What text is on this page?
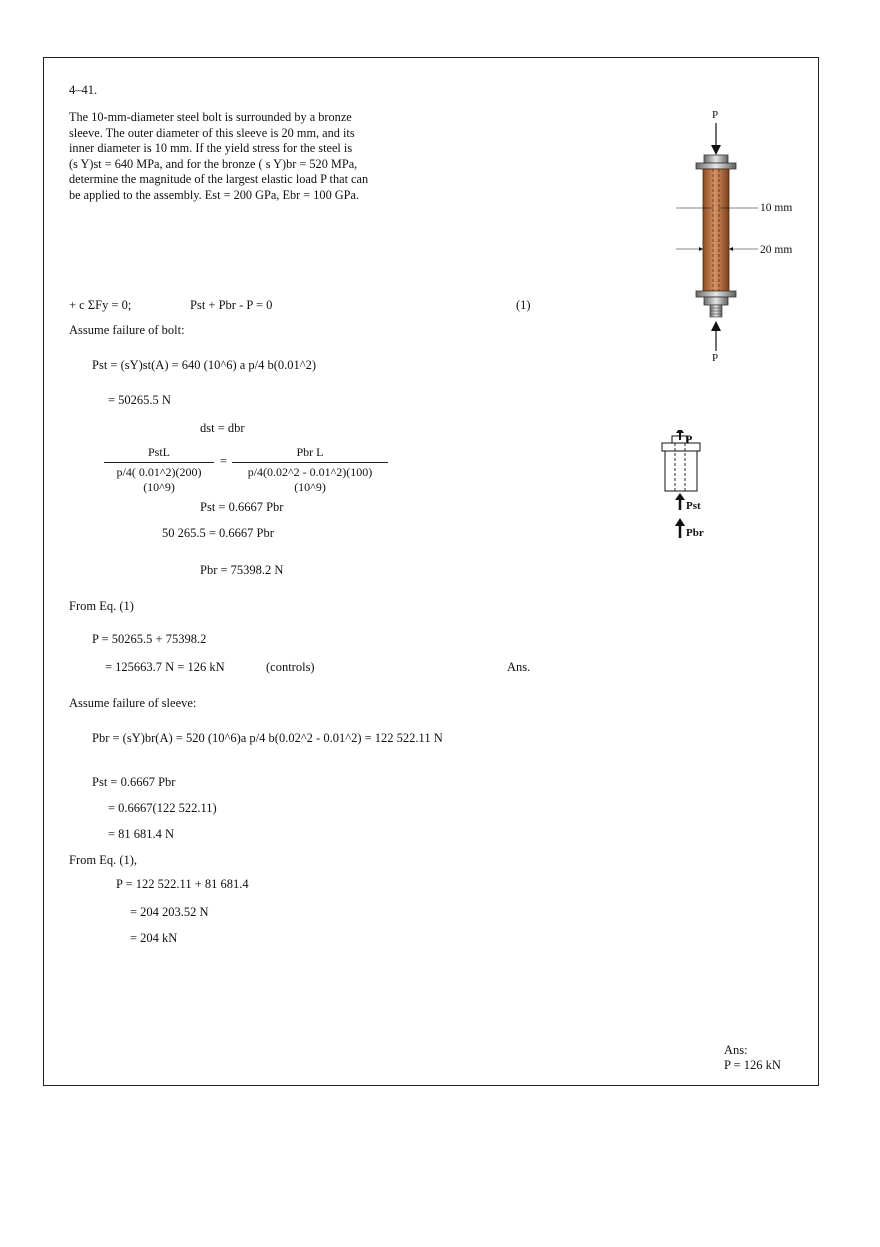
4–41.
The 10-mm-diameter steel bolt is surrounded by a bronze
sleeve. The outer diameter of this sleeve is 20 mm, and its
inner diameter is 10 mm. If the yield stress for the steel is
(s Y)st = 640 MPa, and for the bronze ( s Y)br = 520 MPa,
determine the magnitude of the largest elastic load P that can
be applied to the assembly. Est = 200 GPa, Ebr = 100 GPa.
P
P
10 mm
20 mm
P
Pst
Pbr
+ c ΣFy = 0;	Pst + Pbr - P = 0	(1)
Assume failure of bolt:
Pst = (sY)st(A) = 640 (10^6) a p/4 b(0.01^2)
= 50265.5 N
dst = dbr
PstL
p/4( 0.01^2)(200)(10^9)
=
Pbr L
p/4(0.02^2 - 0.01^2)(100)(10^9)
Pst = 0.6667 Pbr
50 265.5 = 0.6667 Pbr
Pbr = 75398.2 N
From Eq. (1)
P = 50265.5 + 75398.2
= 125663.7 N = 126 kN	(controls)	Ans.
Assume failure of sleeve:
Pbr = (sY)br(A) = 520 (10^6)a p/4 b(0.02^2 - 0.01^2) = 122 522.11 N
Pst = 0.6667 Pbr
= 0.6667(122 522.11)
= 81 681.4 N
From Eq. (1),
P = 122 522.11 + 81 681.4
= 204 203.52 N
= 204 kN
Ans:
P = 126 kN
